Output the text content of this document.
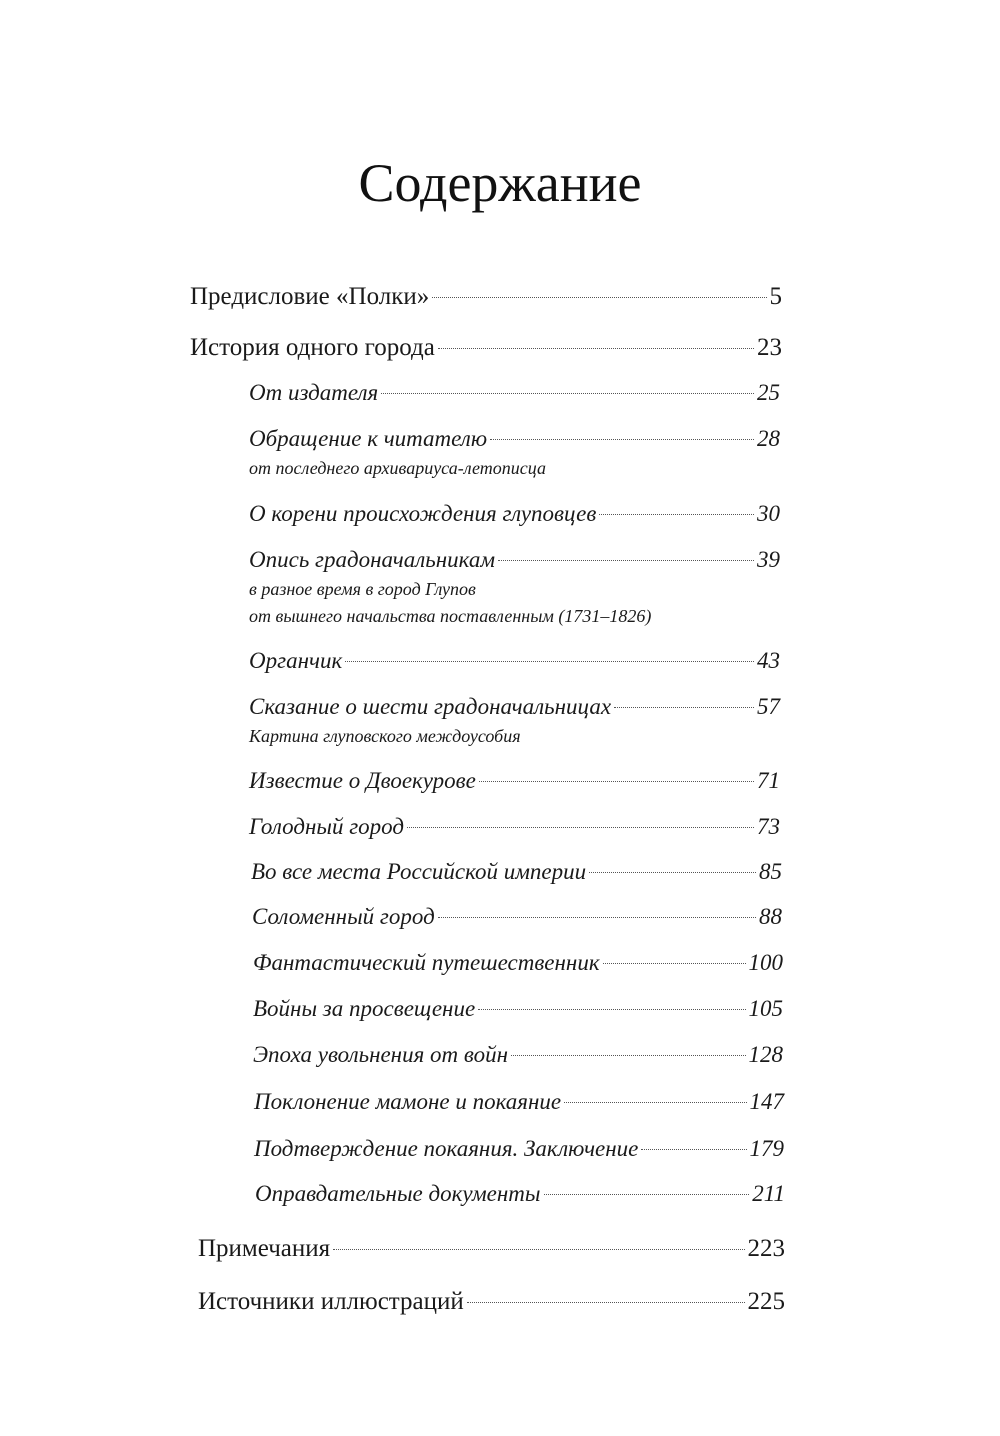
Содержание
Предисловие «Полки»	5
История одного города	23
От издателя	25
Обращение к читателю	28
от последнего архивариуса-летописца
О корени происхождения глуповцев	30
Опись градоначальникам	39
в разное время в город Глупов
от вышнего начальства поставленным (1731–1826)
Органчик	43
Сказание о шести градоначальницах	57
Картина глуповского междоусобия
Известие о Двоекурове	71
Голодный город	73
Во все места Российской империи	85
Соломенный город	88
Фантастический путешественник	100
Войны за просвещение	105
Эпоха увольнения от войн	128
Поклонение мамоне и покаяние	147
Подтверждение покаяния. Заключение	179
Оправдательные документы	211
Примечания	223
Источники иллюстраций	225
